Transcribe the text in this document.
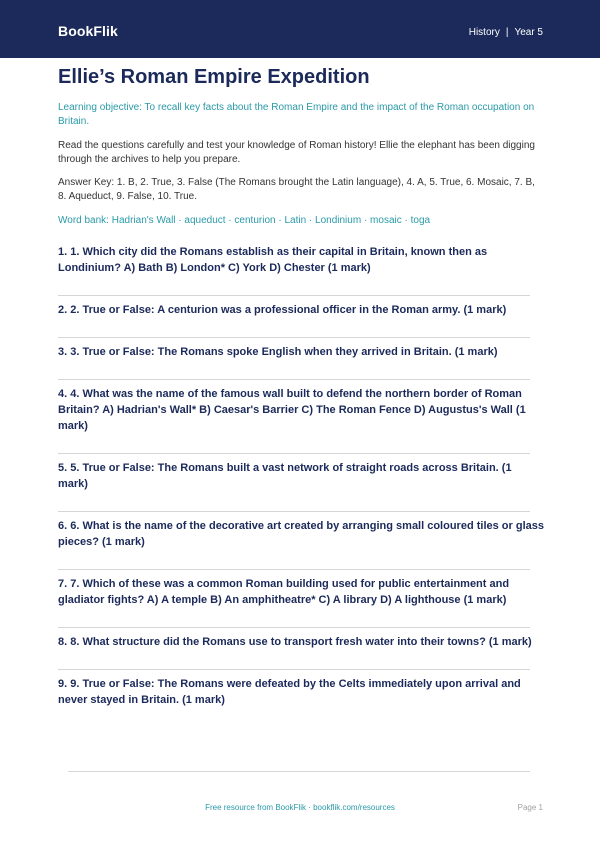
BookFlik	History | Year 5
Ellie’s Roman Empire Expedition

Learning objective: To recall key facts about the Roman Empire and the impact of the Roman occupation on Britain.

Read the questions carefully and test your knowledge of Roman history! Ellie the elephant has been digging through the archives to help you prepare.

Answer Key: 1. B, 2. True, 3. False (The Romans brought the Latin language), 4. A, 5. True, 6. Mosaic, 7. B, 8. Aqueduct, 9. False, 10. True.

Word bank: Hadrian's Wall · aqueduct · centurion · Latin · Londinium · mosaic · toga

1. 1. Which city did the Romans establish as their capital in Britain, known then as Londinium? A) Bath B) London* C) York D) Chester (1 mark)

2. 2. True or False: A centurion was a professional officer in the Roman army. (1 mark)

3. 3. True or False: The Romans spoke English when they arrived in Britain. (1 mark)

4. 4. What was the name of the famous wall built to defend the northern border of Roman Britain? A) Hadrian's Wall* B) Caesar's Barrier C) The Roman Fence D) Augustus's Wall (1 mark)

5. 5. True or False: The Romans built a vast network of straight roads across Britain. (1 mark)

6. 6. What is the name of the decorative art created by arranging small coloured tiles or glass pieces? (1 mark)

7. 7. Which of these was a common Roman building used for public entertainment and gladiator fights? A) A temple B) An amphitheatre* C) A library D) A lighthouse (1 mark)

8. 8. What structure did the Romans use to transport fresh water into their towns? (1 mark)

9. 9. True or False: The Romans were defeated by the Celts immediately upon arrival and never stayed in Britain. (1 mark)

Free resource from BookFlik · bookflik.com/resources	Page 1
